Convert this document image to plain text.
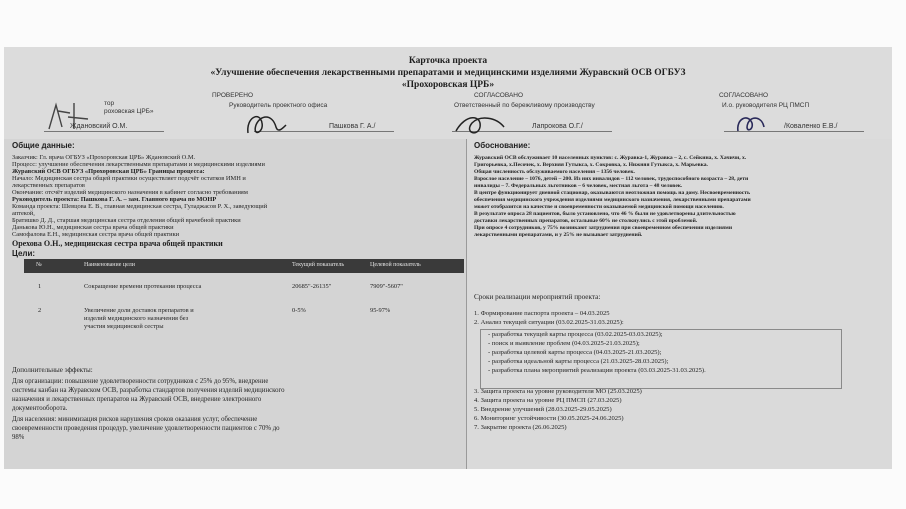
Карточка проекта
«Улучшение обеспечения лекарственными препаратами и медицинскими изделиями Журавский ОСВ ОГБУЗ
«Прохоровская ЦРБ»
тор
роховская ЦРБ»
Ждановский О.М.
ПРОВЕРЕНО
Руководитель проектного офиса
Пашкова Г. А./
СОГЛАСОВАНО
Ответственный по бережливому производству
Лапрокова О.Г./
СОГЛАСОВАНО
И.о. руководителя РЦ ПМСП
/Коваленко Е.В./
Общие данные:
Заказчик: Гл. врача ОГБУЗ «Прохоровская ЦРБ» Ждановский О.М.
Процесс: улучшение обеспечения лекарственными препаратами и медицинскими изделиями
Журавский ОСВ ОГБУЗ «Прохоровская ЦРБ» Границы процесса:
Начало: Медицинская сестра общей практики осуществляет подсчёт остатков ИМН и
лекарственных препаратов
Окончание: отсчёт изделий медицинского назначения в кабинет согласно требованиям
Руководитель проекта: Пашкова Г. А. – зам. Главного врача по МОНР
Команда проекта: Шевцова Е. В., главная медицинская сестра, Гуладжасов Р. Х., заведующий
аптекой,
Братишко Д. Д., старшая медицинская сестра отделения общей врачебной практики
Данькова Ю.Н., медицинская сестра врача общей практики
Самофалова Е.Н., медицинская сестра врача общей практики
Орехова О.Н., медицинская сестра врача общей практики
Цели:
№	Наименование цели	Текущий показатель	Целевой показатель
1	Сокращение времени протекания процесса	20685"-26135"	7909"-5607"
2	Увеличение доли доставок препаратов и
изделий медицинского назначения без
участия медицинской сестры
0-5%	95-97%
Дополнительные эффекты:
Для организации: повышение удовлетворенности сотрудников с 25% до 95%, внедрение
системы канбан на Журавском ОСВ, разработка стандартов получения изделий медицинского
назначения и лекарственных препаратов на Журавский ОСВ, внедрение электронного
документооборота.
Для населения: минимизация рисков нарушения сроков оказания услуг, обеспечение
своевременности проведения процедур, увеличение удовлетворенности пациентов с 70% до
98%
Обоснование:
Журавский ОСВ обслуживает 10 населенных пунктов: с. Журавка-1, Журавка – 2, с. Сейкина, х. Хачичи, х.
Григорьевка, х.Песочек, х. Верхняя Гутыкса, х. Сокровка, х. Нижняя Гутыкса, х. Марьевка.
Общая численность обслуживаемого населения – 1356 человек.
Взрослое население – 1076, детей – 200. Из них инвалидов – 112 человек, трудоспособного возраста – 28, дети
инвалиды – 7. Федеральных льготников – 6 человек, местная льгота – 48 человек.
В центре функционирует дневной стационар, оказываются неотложная помощь на дому. Несвоевременность
обеспечения медицинского учреждения изделиями медицинского назначения, лекарственными препаратами
может отобразится на качестве и своевременности оказываемой медицинской помощи населению.
В результате опроса 28 пациентов, было установлено, что 46 % были не удовлетворены длительностью
доставки лекарственных препаратов, остальные 60% не столкнулись с этой проблемой.
При опросе 4 сотрудников, у 75% возникают затруднения при своевременном обеспечении изделиями
лекарственными препаратами, и у 25% не вызывает затруднений.
Сроки реализации мероприятий проекта:
1. Формирование паспорта проекта – 04.03.2025
2. Анализ текущей ситуации (03.02.2025-31.03.2025):
- разработка текущей карты процесса (03.02.2025-03.03.2025);
- поиск и выявление проблем (04.03.2025-21.03.2025);
- разработка целевой карты процесса (04.03.2025-21.03.2025);
- разработка идеальной карты процесса (21.03.2025-28.03.2025);
- разработка плана мероприятий реализации проекта (03.03.2025-31.03.2025).
3. Защита проекта на уровне руководителя МО (25.03.2025)
4. Защита проекта на уровне РЦ ПМСП (27.03.2025)
5. Внедрение улучшений (28.03.2025-29.05.2025)
6. Мониторинг устойчивости (30.05.2025-24.06.2025)
7. Закрытие проекта (26.06.2025)
